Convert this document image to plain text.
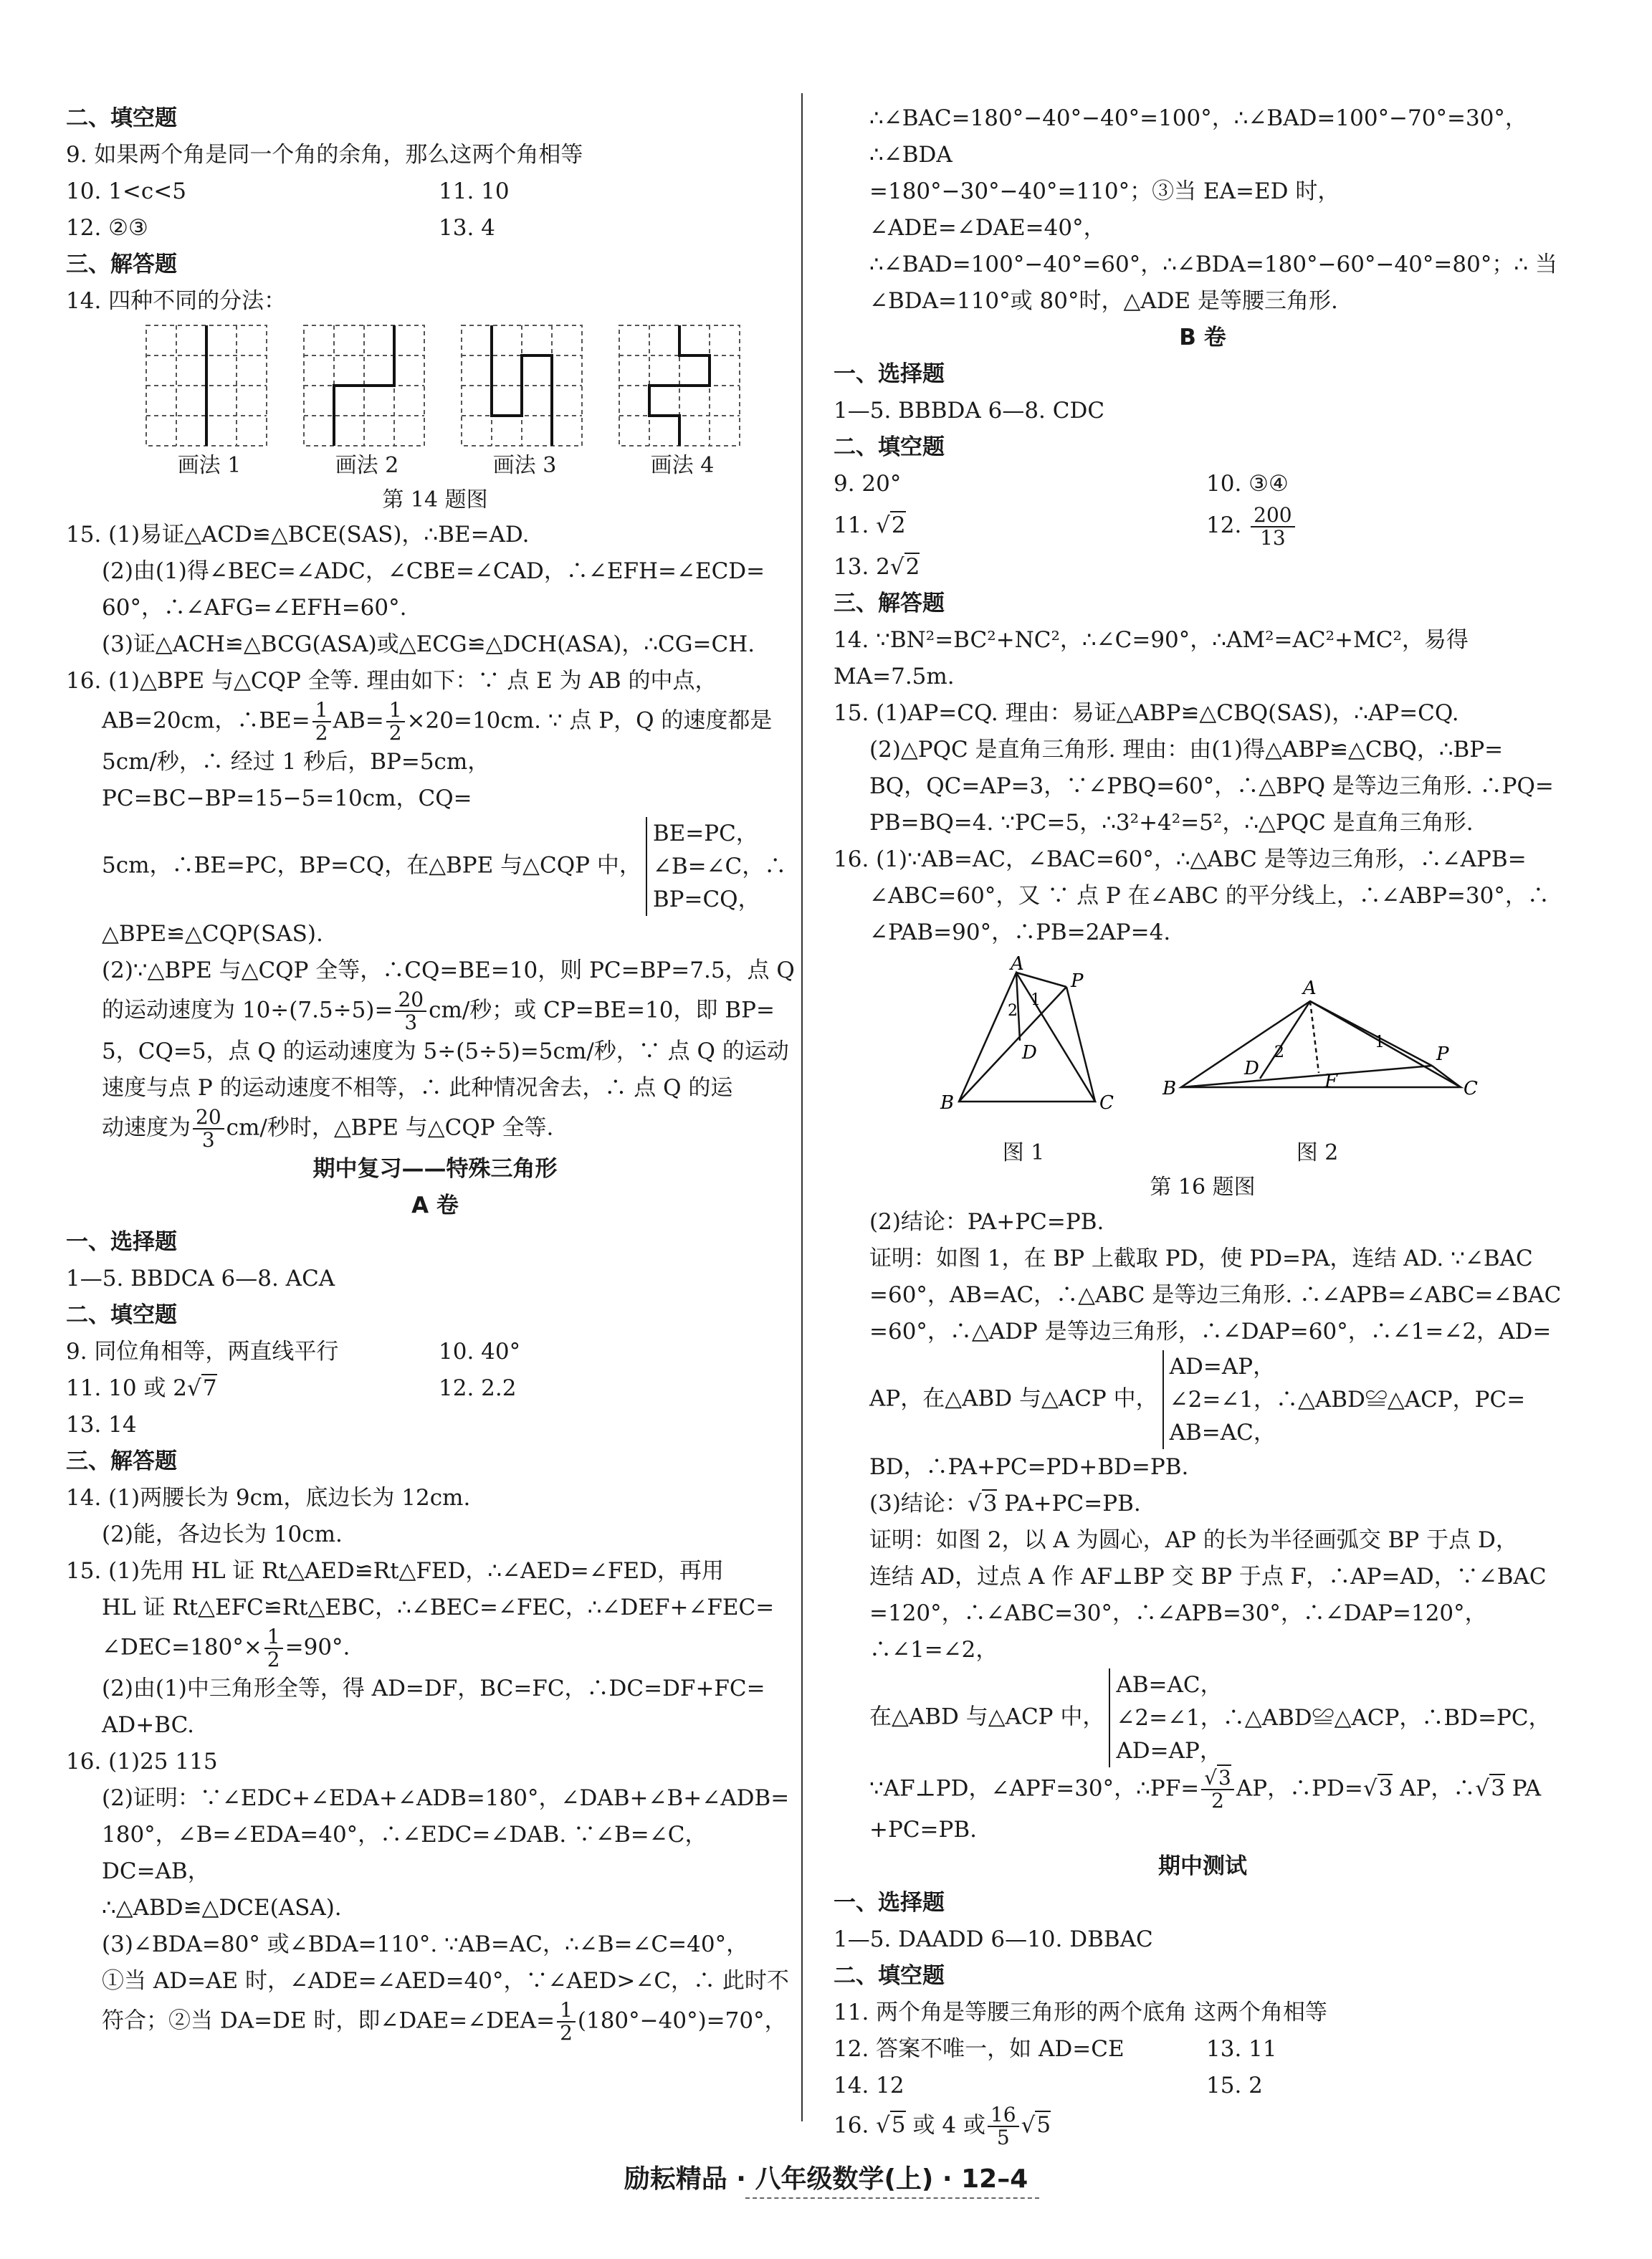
二、填空题
9. 如果两个角是同一个角的余角，那么这两个角相等
10. 1<c<5	11. 10
12. ②③	13. 4
三、解答题
14. 四种不同的分法：
画法 1	画法 2	画法 3	画法 4
第 14 题图
15. (1)易证△ACD≌△BCE(SAS)，∴BE=AD.
(2)由(1)得∠BEC=∠ADC，∠CBE=∠CAD，∴∠EFH=∠ECD=
60°，∴∠AFG=∠EFH=60°.
(3)证△ACH≌△BCG(ASA)或△ECG≌△DCH(ASA)，∴CG=CH.
16. (1)△BPE 与△CQP 全等. 理由如下：∵ 点 E 为 AB 的中点，
AB=20cm，∴BE= $\frac{1}{2} AB= \frac{1}{2} \times 20=10cm$. ∵ 点 P，Q 的速度都是
5cm/秒，∴ 经过 1 秒后，BP=5cm，PC=BC−BP=15−5=10cm，CQ=
5cm，∴BE=PC，BP=CQ，在△BPE 与△CQP 中，BE=PC，
∠B=∠C，∴
BP=CQ，
△BPE≌△CQP(SAS).
(2)∵△BPE 与△CQP 全等，∴CQ=BE=10，则 PC=BP=7.5，点 Q
的运动速度为 $10\div(7.5\div 5)= \frac{20}{3} cm/$秒；或 CP=BE=10，即 BP=
5，CQ=5，点 Q 的运动速度为 5÷(5÷5)=5cm/秒，∵ 点 Q 的运动
速度与点 P 的运动速度不相等，∴ 此种情况舍去，∴ 点 Q 的运
动速度为 $\frac{20}{3} cm/$秒时，△BPE 与△CQP 全等.
期中复习——特殊三角形
A 卷
一、选择题
1—5. BBDCA 6—8. ACA
二、填空题
9. 同位角相等，两直线平行	10. 40°
11. 10 或 2√7	12. 2.2
13. 14
三、解答题
14. (1)两腰长为 9cm，底边长为 12cm.
(2)能，各边长为 10cm.
15. (1)先用 HL 证 Rt△AED≌Rt△FED，∴∠AED=∠FED，再用
HL 证 Rt△EFC≌Rt△EBC，∴∠BEC=∠FEC，∴∠DEF+∠FEC=
∠DEC=180°× $\frac{1}{2} =90^\circ$.
(2)由(1)中三角形全等，得 AD=DF，BC=FC，∴DC=DF+FC=
AD+BC.
16. (1)25 115
(2)证明：∵∠EDC+∠EDA+∠ADB=180°，∠DAB+∠B+∠ADB=
180°，∠B=∠EDA=40°，∴∠EDC=∠DAB. ∵∠B=∠C，DC=AB，
∴△ABD≌△DCE(ASA).
(3)∠BDA=80° 或∠BDA=110°. ∵AB=AC，∴∠B=∠C=40°，
①当 AD=AE 时，∠ADE=∠AED=40°，∵∠AED>∠C，∴ 此时不
符合；②当 DA=DE 时，即∠DAE=∠DEA= $\frac{1}{2} (180^\circ-40^\circ)=70^\circ$，
∴∠BAC=180°−40°−40°=100°，∴∠BAD=100°−70°=30°，∴∠BDA
=180°−30°−40°=110°；③当 EA=ED 时，∠ADE=∠DAE=40°，
∴∠BAD=100°−40°=60°，∴∠BDA=180°−60°−40°=80°；∴ 当
∠BDA=110°或 80°时，△ADE 是等腰三角形.
B 卷
一、选择题
1—5. BBBDA 6—8. CDC
二、填空题
9. 20°	10. ③④
11. √2	12. $\frac{200}{13}$
13. 2√2
三、解答题
14. ∵BN²=BC²+NC²，∴∠C=90°，∴AM²=AC²+MC²，易得 MA=7.5m.
15. (1)AP=CQ. 理由：易证△ABP≌△CBQ(SAS)，∴AP=CQ.
(2)△PQC 是直角三角形. 理由：由(1)得△ABP≌△CBQ，∴BP=
BQ，QC=AP=3，∵∠PBQ=60°，∴△BPQ 是等边三角形. ∴PQ=
PB=BQ=4. ∵PC=5，∴3²+4²=5²，∴△PQC 是直角三角形.
16. (1)∵AB=AC，∠BAC=60°，∴△ABC 是等边三角形，∴∠APB=
∠ABC=60°，又 ∵ 点 P 在∠ABC 的平分线上，∴∠ABP=30°，∴
∠PAB=90°，∴PB=2AP=4.
A
B	C
P
D
2
1
图 1
A
B	C
P
D
F
2
1
图 2
第 16 题图
(2)结论：PA+PC=PB.
证明：如图 1，在 BP 上截取 PD，使 PD=PA，连结 AD. ∵∠BAC
=60°，AB=AC，∴△ABC 是等边三角形. ∴∠APB=∠ABC=∠BAC
=60°，∴△ADP 是等边三角形，∴∠DAP=60°，∴∠1=∠2，AD=
AP，在△ABD 与△ACP 中，AD=AP，
∠2=∠1，∴△ABD≌△ACP，PC=
AB=AC，
BD，∴PA+PC=PD+BD=PB.
(3)结论：√3 PA+PC=PB.
证明：如图 2，以 A 为圆心，AP 的长为半径画弧交 BP 于点 D，
连结 AD，过点 A 作 AF⊥BP 交 BP 于点 F，∴AP=AD，∵∠BAC
=120°，∴∠ABC=30°，∴∠APB=30°，∴∠DAP=120°，∴∠1=∠2，
在△ABD 与△ACP 中，AB=AC，
∠2=∠1，∴△ABD≌△ACP，∴BD=PC，
AD=AP，
∵AF⊥PD，∠APF=30°，∴PF= $\frac{√3}{2}$ AP，∴PD=√3 AP，∴√3 PA
+PC=PB.
期中测试
一、选择题
1—5. DAADD 6—10. DBBAC
二、填空题
11. 两个角是等腰三角形的两个底角 这两个角相等
12. 答案不唯一，如 AD=CE	13. 11
14. 12	15. 2
16. √5 或 4 或 $\frac{16}{5} √5$
励耘精品 · 八年级数学(上) · 12–4
